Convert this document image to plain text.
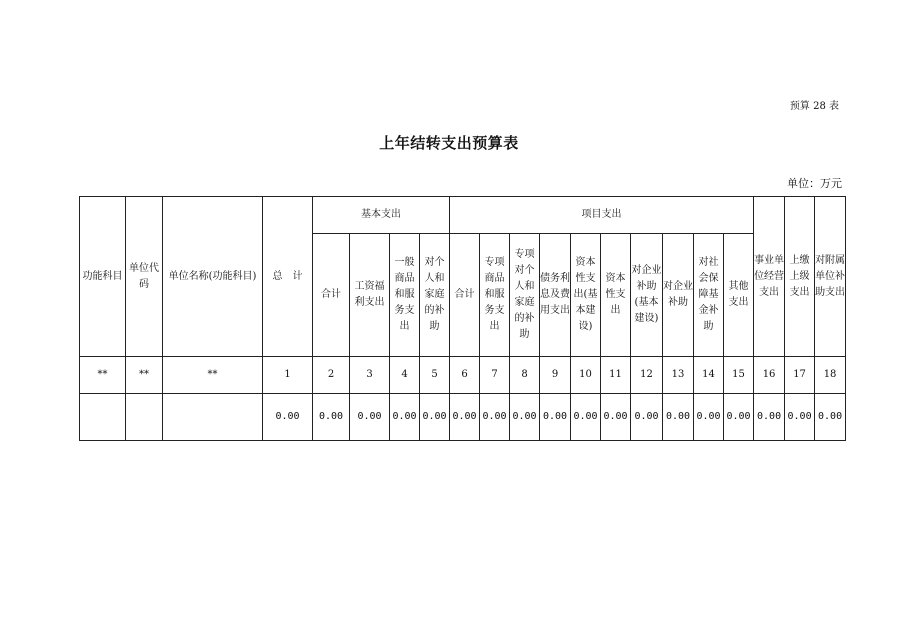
预算 28 表
上年结转支出预算表
单位：万元
功能科目	单位代码	单位名称(功能科目)	总　计	基本支出				项目支出										事业单位经营支出	上缴上级支出	对附属单位补助支出
				合计	工资福利支出	一般商品和服务支出	对个人和家庭的补助	合计	专项商品和服务支出	专项对个人和家庭的补助	债务利息及费用支出	资本性支出(基本建设)	资本性支出	对企业补助(基本建设)	对企业补助	对社会保障基金补助	其他支出			
**	**	**	1	2	3	4	5	6	7	8	9	10	11	12	13	14	15	16	17	18
			0.00	0.00	0.00	0.00	0.00	0.00	0.00	0.00	0.00	0.00	0.00	0.00	0.00	0.00	0.00	0.00	0.00	0.00
